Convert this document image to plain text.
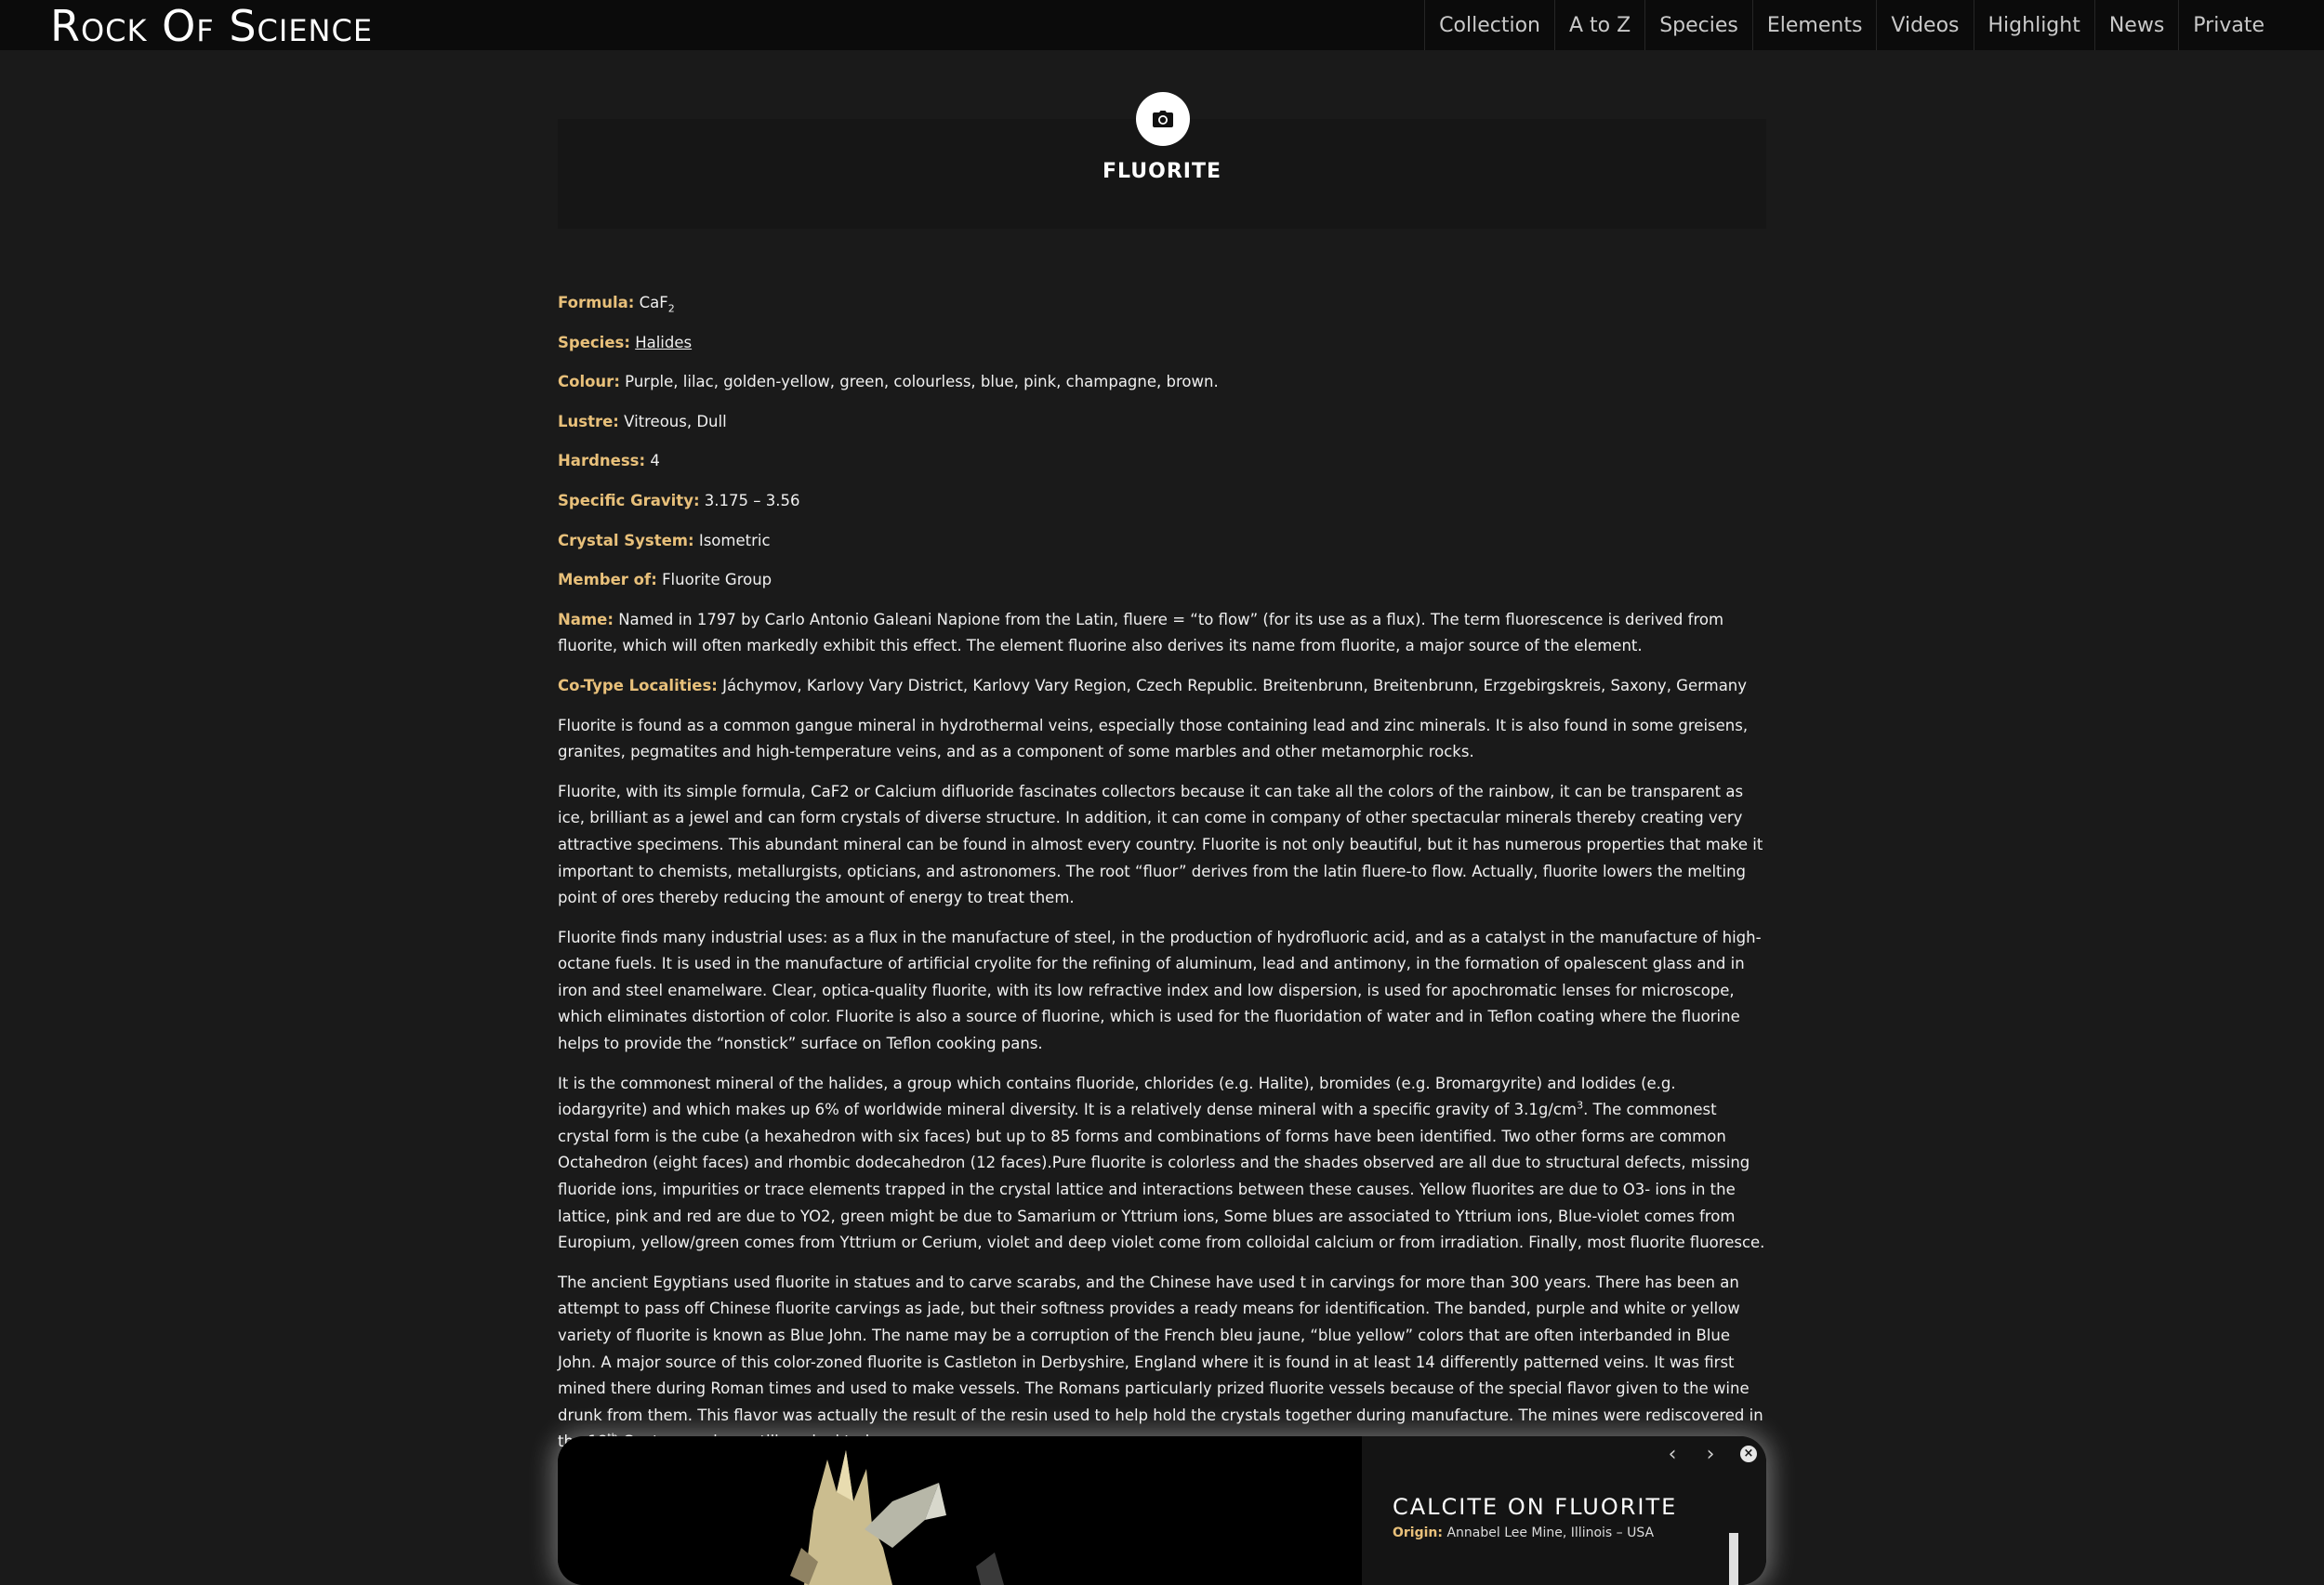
Rock Of Science	Collection	A to Z	Species	Elements	Videos	Highlight	News	Private
FLUORITE

Formula: CaF$_2$

Species: Halides

Colour: Purple, lilac, golden-yellow, green, colourless, blue, pink, champagne, brown.

Lustre: Vitreous, Dull

Hardness: 4

Specific Gravity: 3.175 – 3.56

Crystal System: Isometric

Member of: Fluorite Group

Name: Named in 1797 by Carlo Antonio Galeani Napione from the Latin, fluere = “to flow” (for its use as a flux). The term fluorescence is derived from fluorite, which will often markedly exhibit this effect. The element fluorine also derives its name from fluorite, a major source of the element.

Co-Type Localities: Jáchymov, Karlovy Vary District, Karlovy Vary Region, Czech Republic. Breitenbrunn, Breitenbrunn, Erzgebirgskreis, Saxony, Germany

Fluorite is found as a common gangue mineral in hydrothermal veins, especially those containing lead and zinc minerals. It is also found in some greisens, granites, pegmatites and high-temperature veins, and as a component of some marbles and other metamorphic rocks.

Fluorite, with its simple formula, CaF2 or Calcium difluoride fascinates collectors because it can take all the colors of the rainbow, it can be transparent as ice, brilliant as a jewel and can form crystals of diverse structure. In addition, it can come in company of other spectacular minerals thereby creating very attractive specimens. This abundant mineral can be found in almost every country. Fluorite is not only beautiful, but it has numerous properties that make it important to chemists, metallurgists, opticians, and astronomers. The root “fluor” derives from the latin fluere-to flow. Actually, fluorite lowers the melting point of ores thereby reducing the amount of energy to treat them.

Fluorite finds many industrial uses: as a flux in the manufacture of steel, in the production of hydrofluoric acid, and as a catalyst in the manufacture of high-octane fuels. It is used in the manufacture of artificial cryolite for the refining of aluminum, lead and antimony, in the formation of opalescent glass and in iron and steel enamelware. Clear, optica-quality fluorite, with its low refractive index and low dispersion, is used for apochromatic lenses for microscope, which eliminates distortion of color. Fluorite is also a source of fluorine, which is used for the fluoridation of water and in Teflon coating where the fluorine helps to provide the “nonstick” surface on Teflon cooking pans.

It is the commonest mineral of the halides, a group which contains fluoride, chlorides (e.g. Halite), bromides (e.g. Bromargyrite) and Iodides (e.g. iodargyrite) and which makes up 6% of worldwide mineral diversity. It is a relatively dense mineral with a specific gravity of $3.1g/cm^3$. The commonest crystal form is the cube (a hexahedron with six faces) but up to 85 forms and combinations of forms have been identified. Two other forms are common Octahedron (eight faces) and rhombic dodecahedron (12 faces).Pure fluorite is colorless and the shades observed are all due to structural defects, missing fluoride ions, impurities or trace elements trapped in the crystal lattice and interactions between these causes. Yellow fluorites are due to O3- ions in the lattice, pink and red are due to YO2, green might be due to Samarium or Yttrium ions, Some blues are associated to Yttrium ions, Blue-violet comes from Europium, yellow/green comes from Yttrium or Cerium, violet and deep violet come from colloidal calcium or from irradiation. Finally, most fluorite fluoresce.

The ancient Egyptians used fluorite in statues and to carve scarabs, and the Chinese have used t in carvings for more than 300 years. There has been an attempt to pass off Chinese fluorite carvings as jade, but their softness provides a ready means for identification. The banded, purple and white or yellow variety of fluorite is known as Blue John. The name may be a corruption of the French bleu jaune, “blue yellow” colors that are often interbanded in Blue John. A major source of this color-zoned fluorite is Castleton in Derbyshire, England where it is found in at least 14 differently patterned veins. It was first mined there during Roman times and used to make vessels. The Romans particularly prized fluorite vessels because of the special flavor given to the wine drunk from them. This flavor was actually the result of the resin used to help hold the crystals together during manufacture. The mines were rediscovered in

‹	›	×
CALCITE ON FLUORITE
Origin: Annabel Lee Mine, Illinois – USA
